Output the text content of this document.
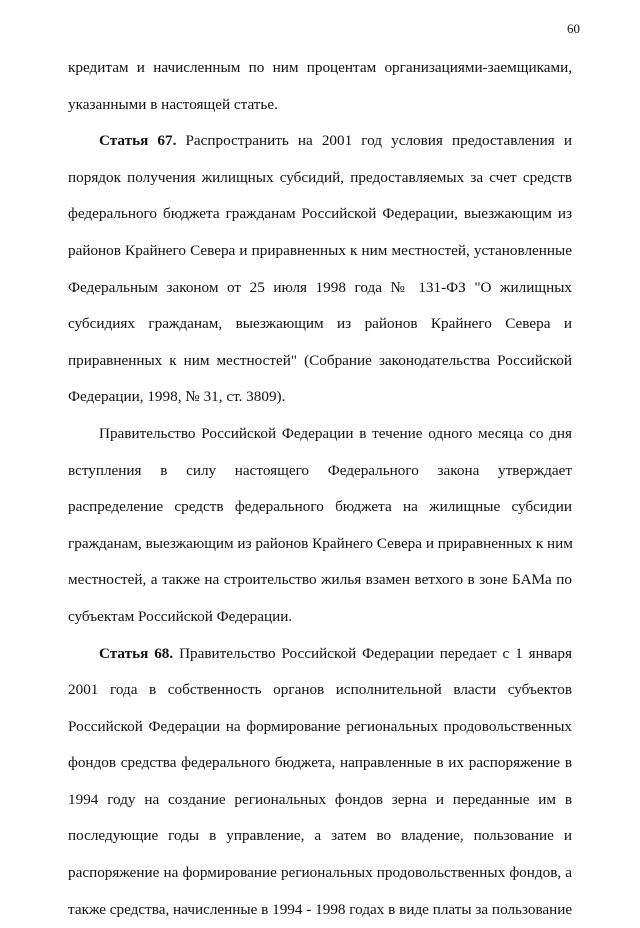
60

кредитам и начисленным по ним процентам организациями-заемщиками,
указанными в настоящей статье.

Статья 67. Распространить на 2001 год условия предоставления и
порядок получения жилищных субсидий, предоставляемых за счет средств
федерального бюджета гражданам Российской Федерации, выезжающим из
районов Крайнего Севера и приравненных к ним местностей, установленные
Федеральным законом от 25 июля 1998 года № 131-ФЗ "О жилищных
субсидиях гражданам, выезжающим из районов Крайнего Севера и
приравненных к ним местностей" (Собрание законодательства Российской
Федерации, 1998, № 31, ст. 3809).

Правительство Российской Федерации в течение одного месяца со дня
вступления в силу настоящего Федерального закона утверждает
распределение средств федерального бюджета на жилищные субсидии
гражданам, выезжающим из районов Крайнего Севера и приравненных к ним
местностей, а также на строительство жилья взамен ветхого в зоне БАМа по
субъектам Российской Федерации.

Статья 68. Правительство Российской Федерации передает с 1 января
2001 года в собственность органов исполнительной власти субъектов
Российской Федерации на формирование региональных продовольственных
фондов средства федерального бюджета, направленные в их распоряжение в
1994 году на создание региональных фондов зерна и переданные им в
последующие годы в управление, а затем во владение, пользование и
распоряжение на формирование региональных продовольственных фондов, а
также средства, начисленные в 1994 - 1998 годах в виде платы за пользование
